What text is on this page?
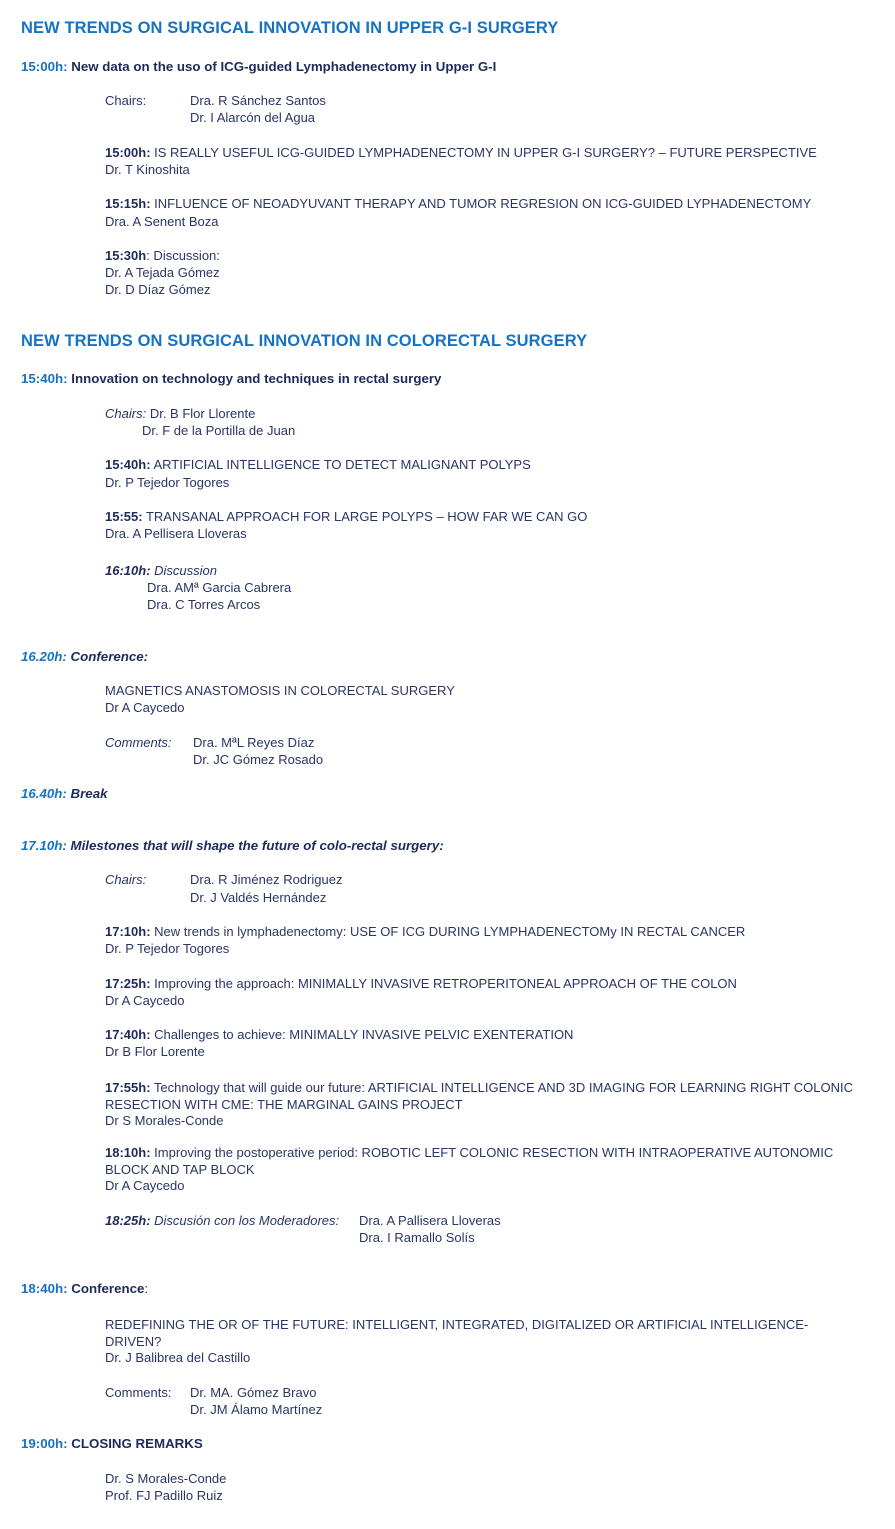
NEW TRENDS ON SURGICAL INNOVATION IN UPPER G-I SURGERY
15:00h: New data on the uso of ICG-guided Lymphadenectomy in Upper G-I
Chairs:	Dra. R Sánchez Santos
Dr. I Alarcón del Agua
15:00h: IS REALLY USEFUL ICG-GUIDED LYMPHADENECTOMY IN UPPER G-I SURGERY? – FUTURE PERSPECTIVE
Dr. T Kinoshita
15:15h: INFLUENCE OF NEOADYUVANT THERAPY AND TUMOR REGRESION ON ICG-GUIDED LYPHADENECTOMY
Dra. A Senent Boza
15:30h: Discussion:
Dr. A Tejada Gómez
Dr. D Díaz Gómez
NEW TRENDS ON SURGICAL INNOVATION IN COLORECTAL SURGERY
15:40h: Innovation on technology and techniques in rectal surgery
Chairs: Dr. B Flor Llorente
Dr. F de la Portilla de Juan
15:40h: ARTIFICIAL INTELLIGENCE TO DETECT MALIGNANT POLYPS
Dr. P Tejedor Togores
15:55: TRANSANAL APPROACH FOR LARGE POLYPS – HOW FAR WE CAN GO
Dra. A Pellisera Lloveras
16:10h: Discussion
Dra. AMª Garcia Cabrera
Dra. C Torres Arcos
16.20h: Conference:
MAGNETICS ANASTOMOSIS IN COLORECTAL SURGERY
Dr A Caycedo
Comments: Dra. MªL Reyes Díaz
Dr. JC Gómez Rosado
16.40h: Break
17.10h: Milestones that will shape the future of colo-rectal surgery:
Chairs:	Dra. R Jiménez Rodriguez
Dr. J Valdés Hernández
17:10h: New trends in lymphadenectomy: USE OF ICG DURING LYMPHADENECTOMy IN RECTAL CANCER
Dr. P Tejedor Togores
17:25h: Improving the approach: MINIMALLY INVASIVE RETROPERITONEAL APPROACH OF THE COLON
Dr A Caycedo
17:40h: Challenges to achieve: MINIMALLY INVASIVE PELVIC EXENTERATION
Dr B Flor Lorente
17:55h: Technology that will guide our future: ARTIFICIAL INTELLIGENCE AND 3D IMAGING FOR LEARNING RIGHT COLONIC RESECTION WITH CME: THE MARGINAL GAINS PROJECT
Dr S Morales-Conde
18:10h: Improving the postoperative period: ROBOTIC LEFT COLONIC RESECTION WITH INTRAOPERATIVE AUTONOMIC BLOCK AND TAP BLOCK
Dr A Caycedo
18:25h: Discusión con los Moderadores: Dra. A Pallisera Lloveras
Dra. I Ramallo Solís
18:40h: Conference:
REDEFINING THE OR OF THE FUTURE: INTELLIGENT, INTEGRATED, DIGITALIZED OR ARTIFICIAL INTELLIGENCE-DRIVEN?
Dr. J Balibrea del Castillo
Comments: Dr. MA. Gómez Bravo
Dr. JM Álamo Martínez
19:00h: CLOSING REMARKS
Dr. S Morales-Conde
Prof. FJ Padillo Ruiz
